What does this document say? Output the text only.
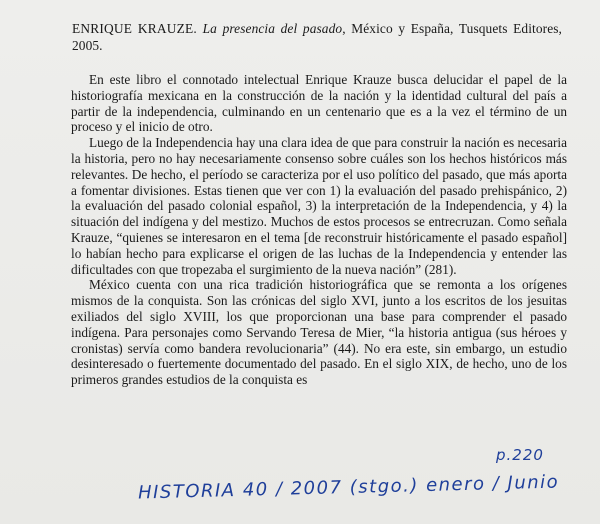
ENRIQUE KRAUZE. La presencia del pasado, México y España, Tusquets Editores, 2005.

En este libro el connotado intelectual Enrique Krauze busca delucidar el papel de la historiografía mexicana en la construcción de la nación y la identidad cultural del país a partir de la independencia, culminando en un centenario que es a la vez el término de un proceso y el inicio de otro.

Luego de la Independencia hay una clara idea de que para construir la nación es necesaria la historia, pero no hay necesariamente consenso sobre cuáles son los hechos históricos más relevantes. De hecho, el período se caracteriza por el uso político del pasado, que más aporta a fomentar divisiones. Estas tienen que ver con 1) la evaluación del pasado prehispánico, 2) la evaluación del pasado colonial español, 3) la interpretación de la Independencia, y 4) la situación del indígena y del mestizo. Muchos de estos procesos se entrecruzan. Como señala Krauze, “quienes se interesaron en el tema [de reconstruir históricamente el pasado español] lo habían hecho para explicarse el origen de las luchas de la Independencia y entender las dificultades con que tropezaba el surgimiento de la nueva nación” (281).

México cuenta con una rica tradición historiográfica que se remonta a los orígenes mismos de la conquista. Son las crónicas del siglo XVI, junto a los escritos de los jesuitas exiliados del siglo XVIII, los que proporcionan una base para comprender el pasado indígena. Para personajes como Servando Teresa de Mier, “la historia antigua (sus héroes y cronistas) servía como bandera revolucionaria” (44). No era este, sin embargo, un estudio desinteresado o fuertemente documentado del pasado. En el siglo XIX, de hecho, uno de los primeros grandes estudios de la conquista es

p.220
HISTORIA 40 / 2007 (stgo.) enero / Junio
